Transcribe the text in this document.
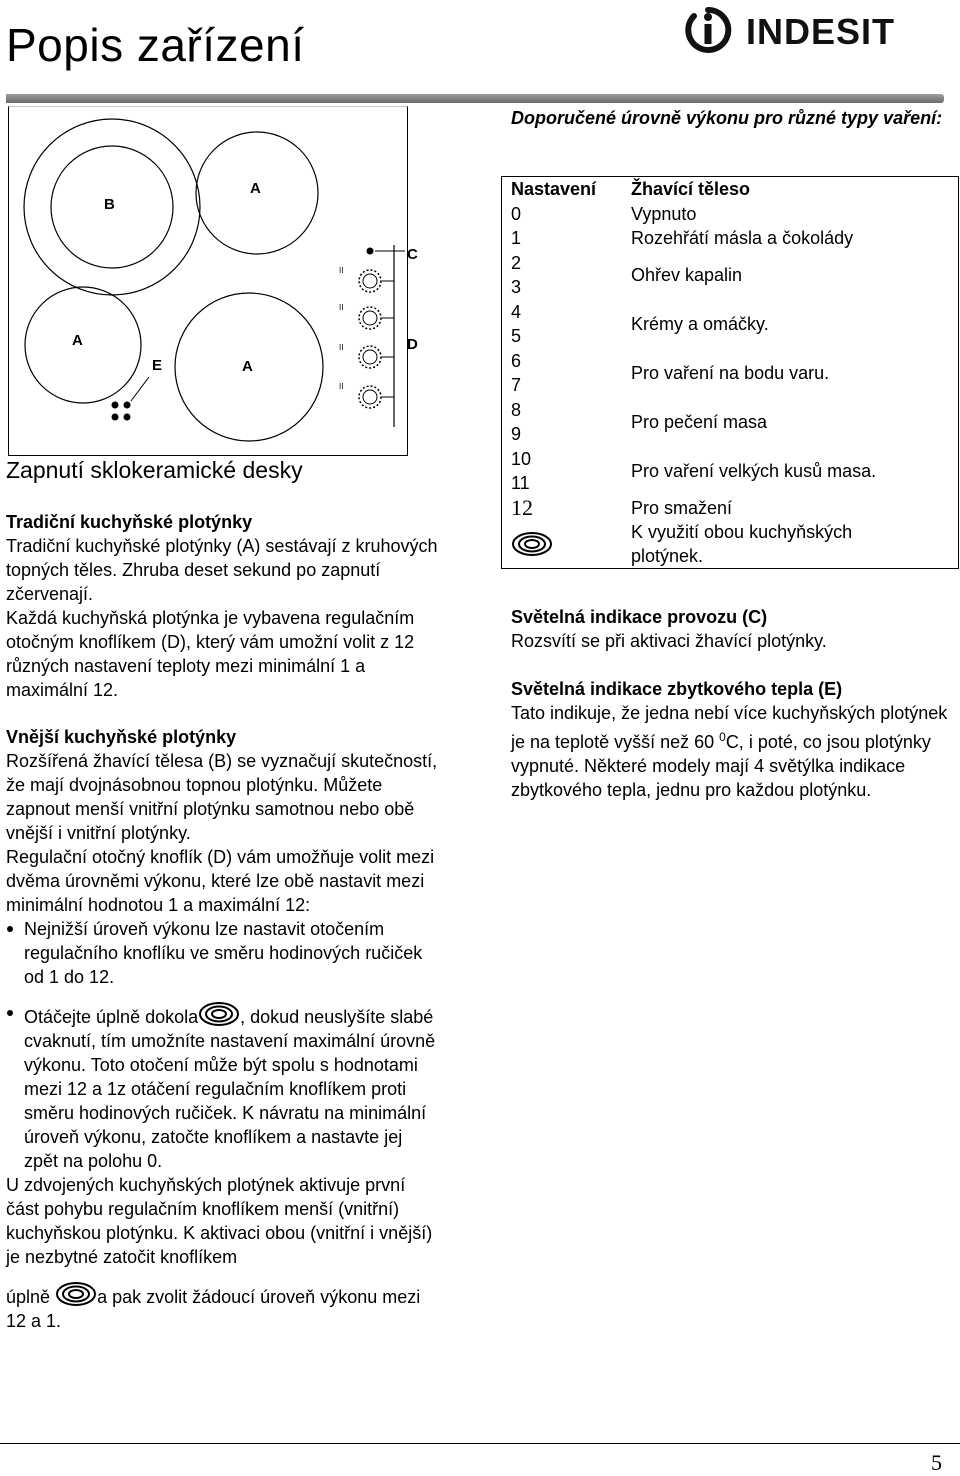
Popis zařízení	INDESIT
II
II
II
II
A
B
A
A
C
D
E
Zapnutí sklokeramické desky

Tradiční kuchyňské plotýnky

Tradiční kuchyňské plotýnky (A) sestávají z kruhových topných těles. Zhruba deset sekund po zapnutí zčervenají.

Každá kuchyňská plotýnka je vybavena regulačním otočným knoflíkem (D), který vám umožní volit z 12 různých nastavení teploty mezi minimální 1 a maximální 12.

Vnější kuchyňské plotýnky

Rozšířená žhavící tělesa (B) se vyznačují skutečností, že mají dvojnásobnou topnou plotýnku. Můžete zapnout menší vnitřní plotýnku samotnou nebo obě vnější i vnitřní plotýnky.

Regulační otočný knoflík (D) vám umožňuje volit mezi dvěma úrovněmi výkonu, které lze obě nastavit mezi minimální hodnotou 1 a maximální 12:

Nejnižší úroveň výkonu lze nastavit otočením regulačního knoflíku ve směru hodinových ručiček od 1 do 12.

Otáčejte úplně dokola , dokud neuslyšíte slabé cvaknutí, tím umožníte nastavení maximální úrovně výkonu. Toto otočení může být spolu s hodnotami mezi 12 a 1z otáčení regulačním knoflíkem proti směru hodinových ručiček. K návratu na minimální úroveň výkonu, zatočte knoflíkem a nastavte jej zpět na polohu 0.

U zdvojených kuchyňských plotýnek aktivuje první část pohybu regulačním knoflíkem menší (vnitřní) kuchyňskou plotýnku. K aktivaci obou (vnitřní i vnější) je nezbytné zatočit knoflíkem

úplně	a pak zvolit žádoucí úroveň výkonu mezi 12 a 1.

Doporučené úrovně výkonu pro různé typy vaření:
Nastavení	Žhavící těleso
0	Vypnuto
1	Rozehřátí másla a čokolády
2	Ohřev kapalin
3	
4	Krémy a omáčky.
5	
6	Pro vaření na bodu varu.
7	
8	Pro pečení masa
9	
10	Pro vaření velkých kusů masa.
11	
12	Pro smažení
	K využití obou kuchyňských plotýnek.

Světelná indikace provozu (C)

Rozsvítí se při aktivaci žhavící plotýnky.

Světelná indikace zbytkového tepla (E)

Tato indikuje, že jedna nebí více kuchyňských plotýnek je na teplotě vyšší než 60 $^0$C, i poté, co jsou plotýnky vypnuté. Některé modely mají 4 světýlka indikace zbytkového tepla, jednu pro každou plotýnku.

5
